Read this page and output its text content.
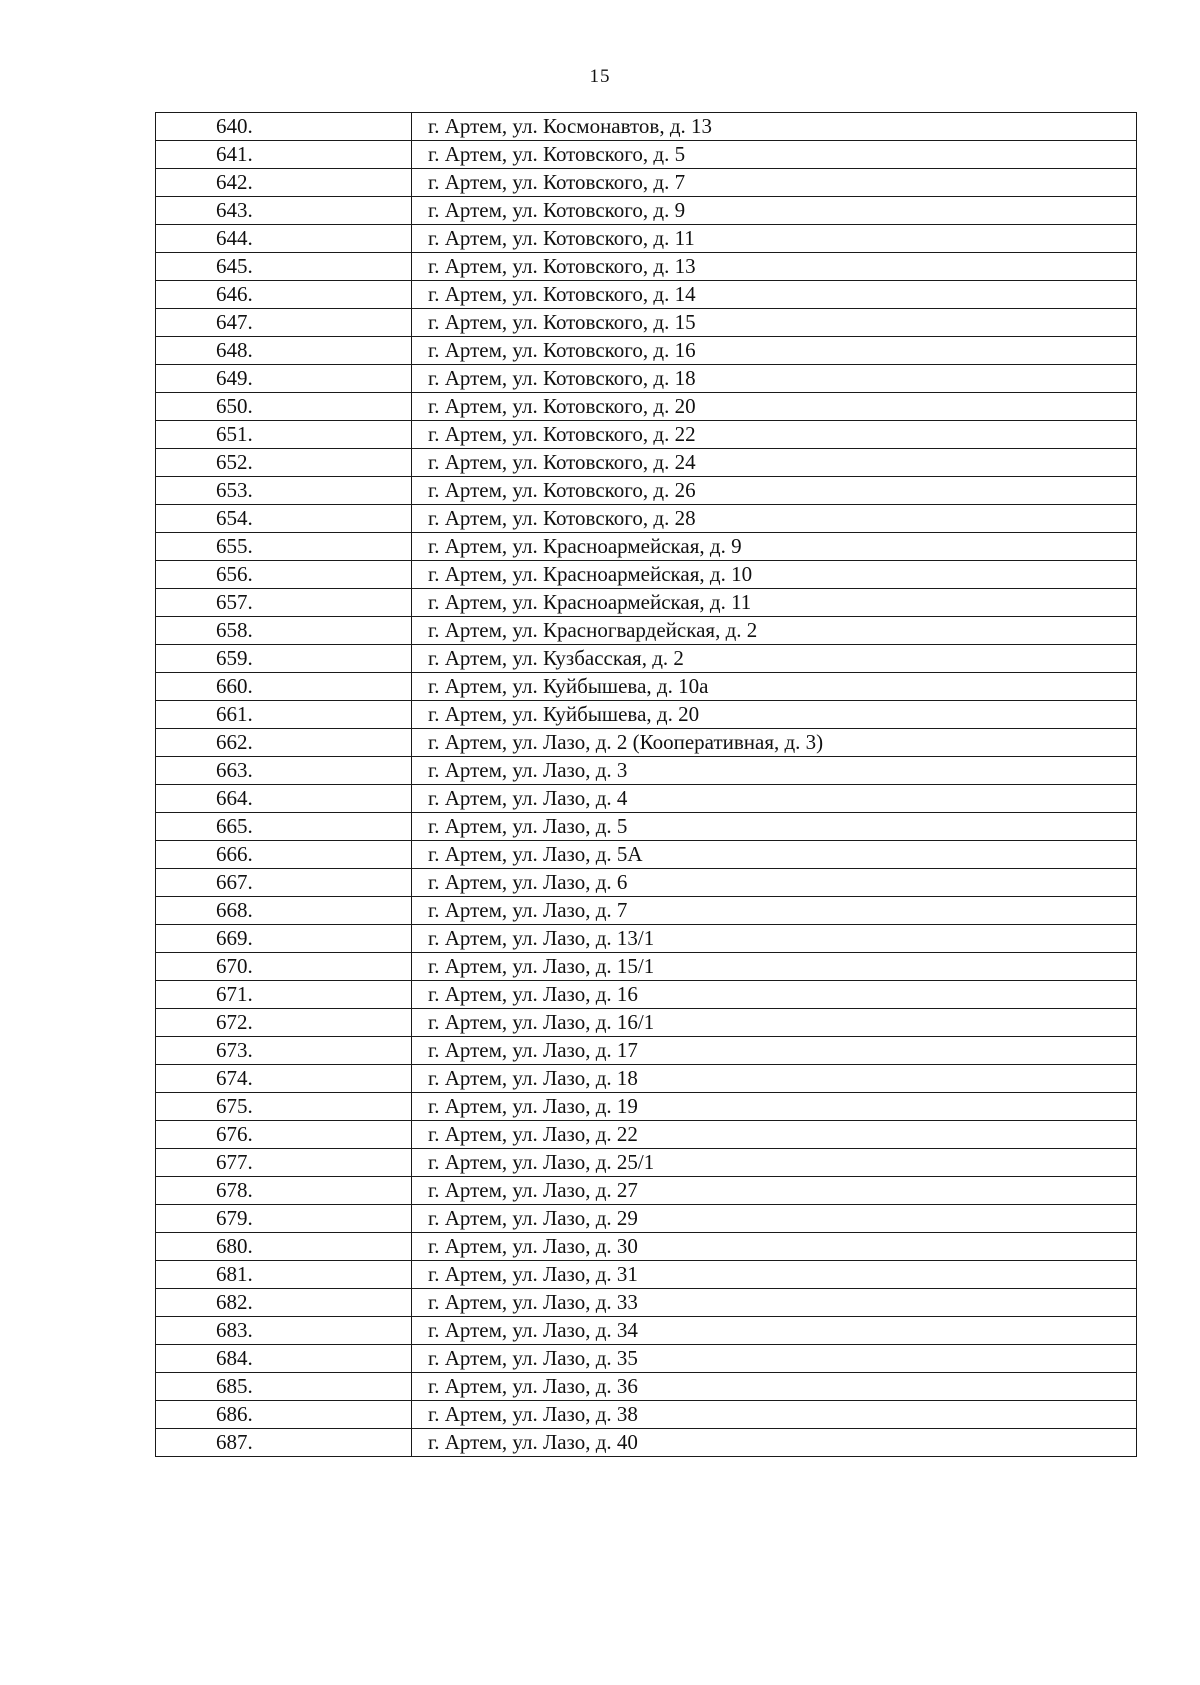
15
640.	г. Артем, ул. Космонавтов, д. 13
641.	г. Артем, ул. Котовского, д. 5
642.	г. Артем, ул. Котовского, д. 7
643.	г. Артем, ул. Котовского, д. 9
644.	г. Артем, ул. Котовского, д. 11
645.	г. Артем, ул. Котовского, д. 13
646.	г. Артем, ул. Котовского, д. 14
647.	г. Артем, ул. Котовского, д. 15
648.	г. Артем, ул. Котовского, д. 16
649.	г. Артем, ул. Котовского, д. 18
650.	г. Артем, ул. Котовского, д. 20
651.	г. Артем, ул. Котовского, д. 22
652.	г. Артем, ул. Котовского, д. 24
653.	г. Артем, ул. Котовского, д. 26
654.	г. Артем, ул. Котовского, д. 28
655.	г. Артем, ул. Красноармейская, д. 9
656.	г. Артем, ул. Красноармейская, д. 10
657.	г. Артем, ул. Красноармейская, д. 11
658.	г. Артем, ул. Красногвардейская, д. 2
659.	г. Артем, ул. Кузбасская, д. 2
660.	г. Артем, ул. Куйбышева, д. 10а
661.	г. Артем, ул. Куйбышева, д. 20
662.	г. Артем, ул. Лазо, д. 2 (Кооперативная, д. 3)
663.	г. Артем, ул. Лазо, д. 3
664.	г. Артем, ул. Лазо, д. 4
665.	г. Артем, ул. Лазо, д. 5
666.	г. Артем, ул. Лазо, д. 5А
667.	г. Артем, ул. Лазо, д. 6
668.	г. Артем, ул. Лазо, д. 7
669.	г. Артем, ул. Лазо, д. 13/1
670.	г. Артем, ул. Лазо, д. 15/1
671.	г. Артем, ул. Лазо, д. 16
672.	г. Артем, ул. Лазо, д. 16/1
673.	г. Артем, ул. Лазо, д. 17
674.	г. Артем, ул. Лазо, д. 18
675.	г. Артем, ул. Лазо, д. 19
676.	г. Артем, ул. Лазо, д. 22
677.	г. Артем, ул. Лазо, д. 25/1
678.	г. Артем, ул. Лазо, д. 27
679.	г. Артем, ул. Лазо, д. 29
680.	г. Артем, ул. Лазо, д. 30
681.	г. Артем, ул. Лазо, д. 31
682.	г. Артем, ул. Лазо, д. 33
683.	г. Артем, ул. Лазо, д. 34
684.	г. Артем, ул. Лазо, д. 35
685.	г. Артем, ул. Лазо, д. 36
686.	г. Артем, ул. Лазо, д. 38
687.	г. Артем, ул. Лазо, д. 40
